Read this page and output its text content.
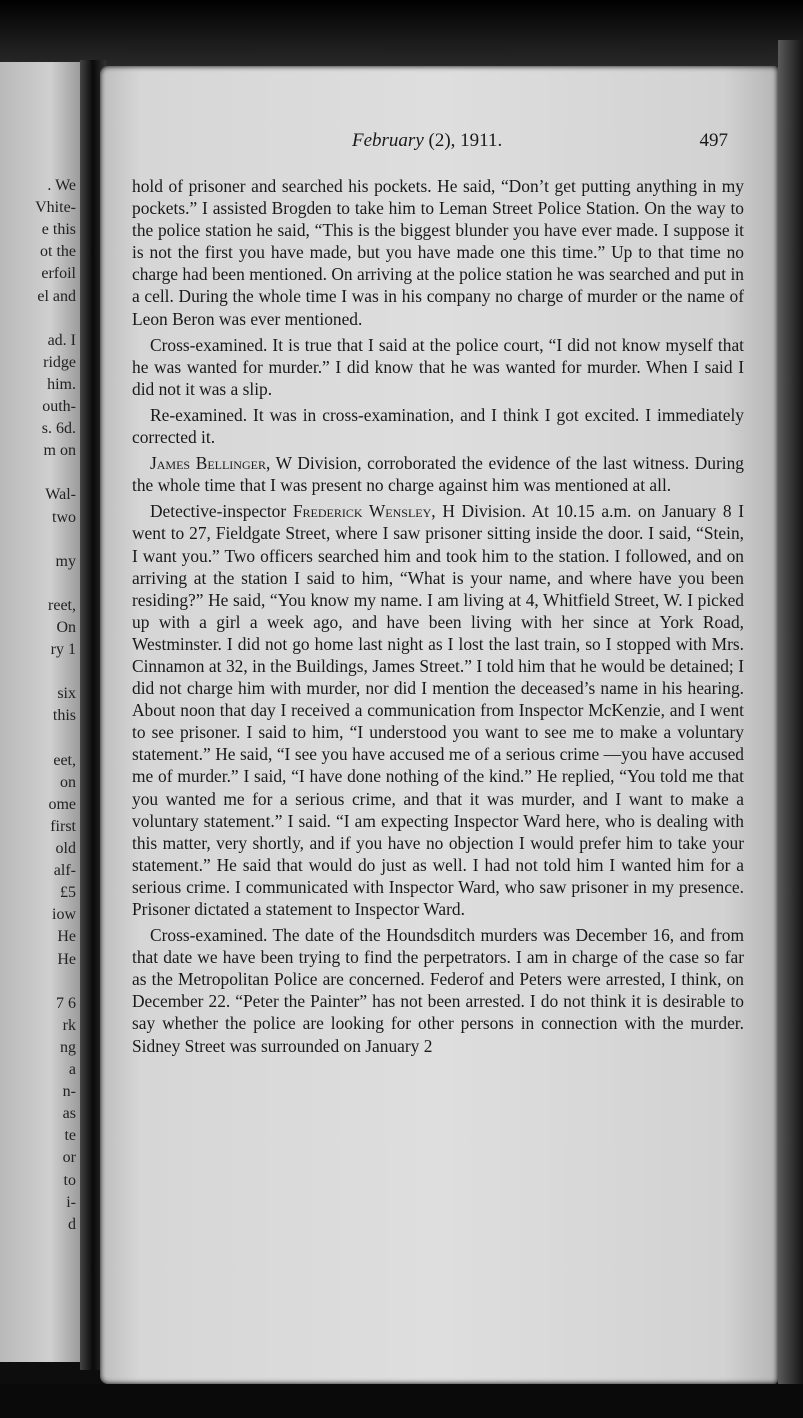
. We
Vhite-
e this
ot the
erfoil
el and
ad. I
ridge
him.
outh-
s. 6d.
m on
Wal-
two
my
reet,
On
ry 1
six
this
eet,
on
ome
first
old
alf-
£5
iow
He
He
7 6
rk
ng
a
n-
as
te
or
to
i-
d
February (2), 1911.	497

hold of prisoner and searched his pockets. He said, “Don’t get putting anything in my pockets.” I assisted Brogden to take him to Leman Street Police Station. On the way to the police station he said, “This is the biggest blunder you have ever made. I suppose it is not the first you have made, but you have made one this time.” Up to that time no charge had been mentioned. On arriving at the police station he was searched and put in a cell. During the whole time I was in his company no charge of murder or the name of Leon Beron was ever mentioned.

Cross-examined. It is true that I said at the police court, “I did not know myself that he was wanted for murder.” I did know that he was wanted for murder. When I said I did not it was a slip.

Re-examined. It was in cross-examination, and I think I got excited. I immediately corrected it.

James Bellinger, W Division, corroborated the evidence of the last witness. During the whole time that I was present no charge against him was mentioned at all.

Detective-inspector Frederick Wensley, H Division. At 10.15 a.m. on January 8 I went to 27, Fieldgate Street, where I saw prisoner sitting inside the door. I said, “Stein, I want you.” Two officers searched him and took him to the station. I followed, and on arriving at the station I said to him, “What is your name, and where have you been residing?” He said, “You know my name. I am living at 4, Whitfield Street, W. I picked up with a girl a week ago, and have been living with her since at York Road, Westminster. I did not go home last night as I lost the last train, so I stopped with Mrs. Cinnamon at 32, in the Buildings, James Street.” I told him that he would be detained; I did not charge him with murder, nor did I mention the deceased’s name in his hearing. About noon that day I received a communication from Inspector McKenzie, and I went to see prisoner. I said to him, “I understood you want to see me to make a voluntary statement.” He said, “I see you have accused me of a serious crime —you have accused me of murder.” I said, “I have done nothing of the kind.” He replied, “You told me that you wanted me for a serious crime, and that it was murder, and I want to make a voluntary statement.” I said. “I am expecting Inspector Ward here, who is dealing with this matter, very shortly, and if you have no objection I would prefer him to take your statement.” He said that would do just as well. I had not told him I wanted him for a serious crime. I communicated with Inspector Ward, who saw prisoner in my presence. Prisoner dictated a statement to Inspector Ward.

Cross-examined. The date of the Houndsditch murders was December 16, and from that date we have been trying to find the perpetrators. I am in charge of the case so far as the Metropolitan Police are concerned. Federof and Peters were arrested, I think, on December 22. “Peter the Painter” has not been arrested. I do not think it is desirable to say whether the police are looking for other persons in connection with the murder. Sidney Street was surrounded on January 2
